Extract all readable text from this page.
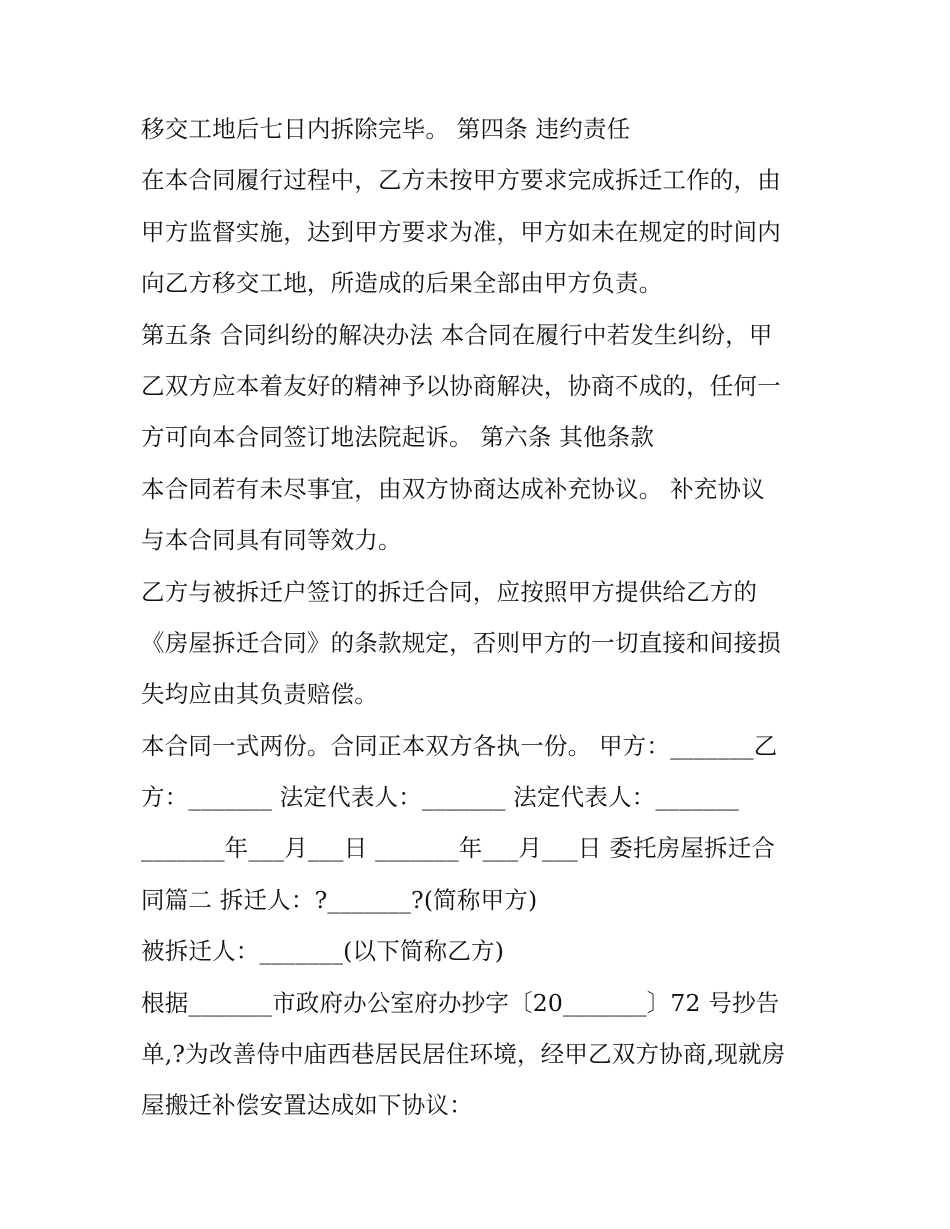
移交工地后七日内拆除完毕。 第四条 违约责任
在本合同履行过程中，乙方未按甲方要求完成拆迁工作的，由
甲方监督实施，达到甲方要求为准，甲方如未在规定的时间内
向乙方移交工地，所造成的后果全部由甲方负责。
第五条 合同纠纷的解决办法 本合同在履行中若发生纠纷，甲
乙双方应本着友好的精神予以协商解决，协商不成的，任何一
方可向本合同签订地法院起诉。 第六条 其他条款
本合同若有未尽事宜，由双方协商达成补充协议。 补充协议
与本合同具有同等效力。
乙方与被拆迁户签订的拆迁合同，应按照甲方提供给乙方的
《房屋拆迁合同》的条款规定，否则甲方的一切直接和间接损
失均应由其负责赔偿。
本合同一式两份。合同正本双方各执一份。 甲方：_______乙
方：_______ 法定代表人：_______ 法定代表人：_______
_______年___月___日 _______年___月___日 委托房屋拆迁合
同篇二 拆迁人：?_______?(简称甲方)
被拆迁人：_______(以下简称乙方)
根据_______市政府办公室府办抄字〔20_______〕72 号抄告
单,?为改善侍中庙西巷居民居住环境，经甲乙双方协商,现就房
屋搬迁补偿安置达成如下协议：
